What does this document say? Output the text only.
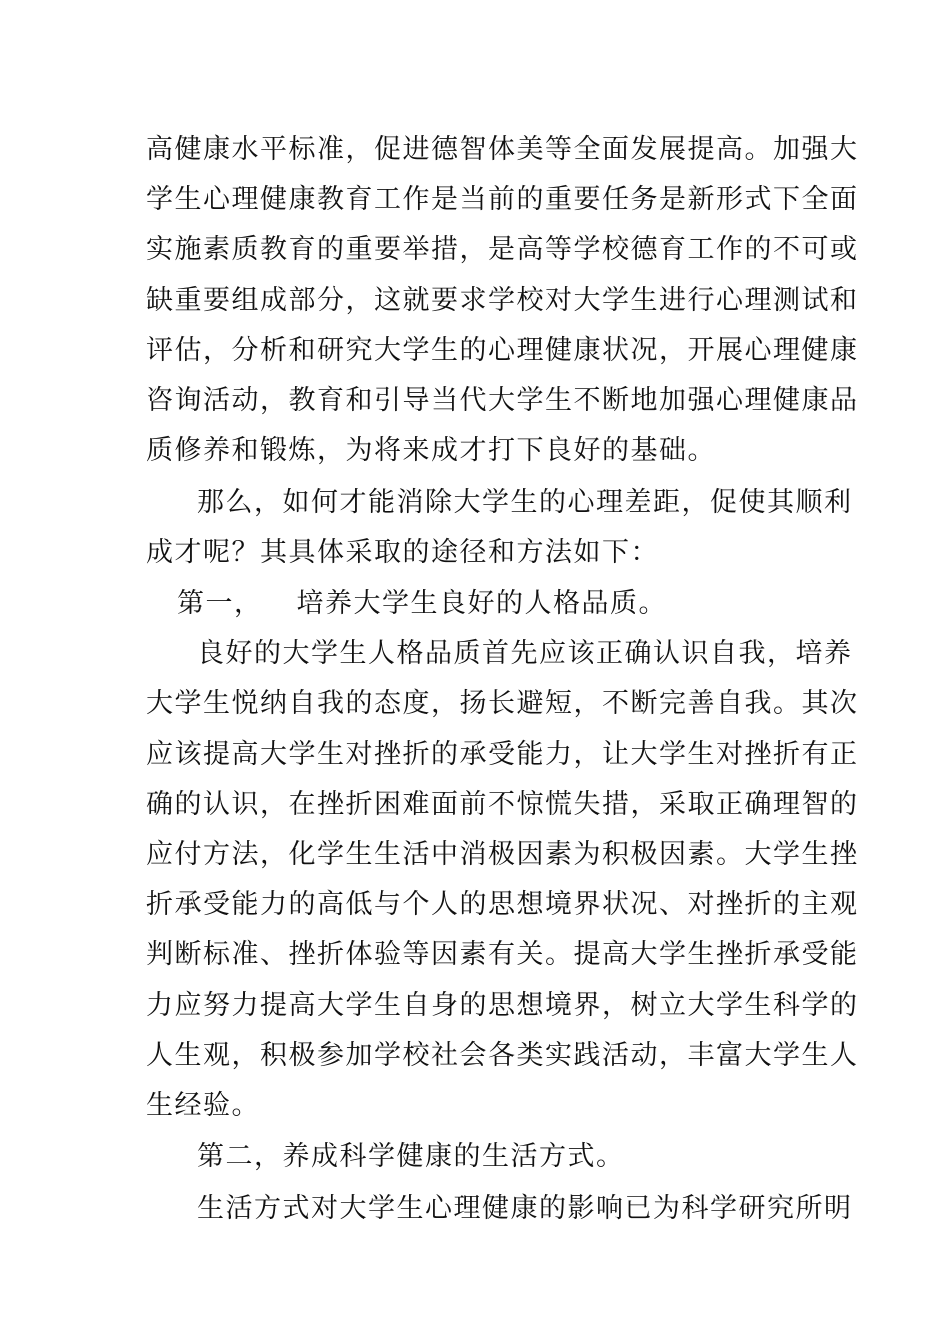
高健康水平标准，促进德智体美等全面发展提高。加强大
学生心理健康教育工作是当前的重要任务是新形式下全面
实施素质教育的重要举措，是高等学校德育工作的不可或
缺重要组成部分，这就要求学校对大学生进行心理测试和
评估，分析和研究大学生的心理健康状况，开展心理健康
咨询活动，教育和引导当代大学生不断地加强心理健康品
质修养和锻炼，为将来成才打下良好的基础。
那么，如何才能消除大学生的心理差距，促使其顺利
成才呢？其具体采取的途径和方法如下：
第一， 培养大学生良好的人格品质。
良好的大学生人格品质首先应该正确认识自我，培养
大学生悦纳自我的态度，扬长避短，不断完善自我。其次
应该提高大学生对挫折的承受能力，让大学生对挫折有正
确的认识，在挫折困难面前不惊慌失措，采取正确理智的
应付方法，化学生生活中消极因素为积极因素。大学生挫
折承受能力的高低与个人的思想境界状况、对挫折的主观
判断标准、挫折体验等因素有关。提高大学生挫折承受能
力应努力提高大学生自身的思想境界，树立大学生科学的
人生观，积极参加学校社会各类实践活动，丰富大学生人
生经验。
第二，养成科学健康的生活方式。
生活方式对大学生心理健康的影响已为科学研究所明
